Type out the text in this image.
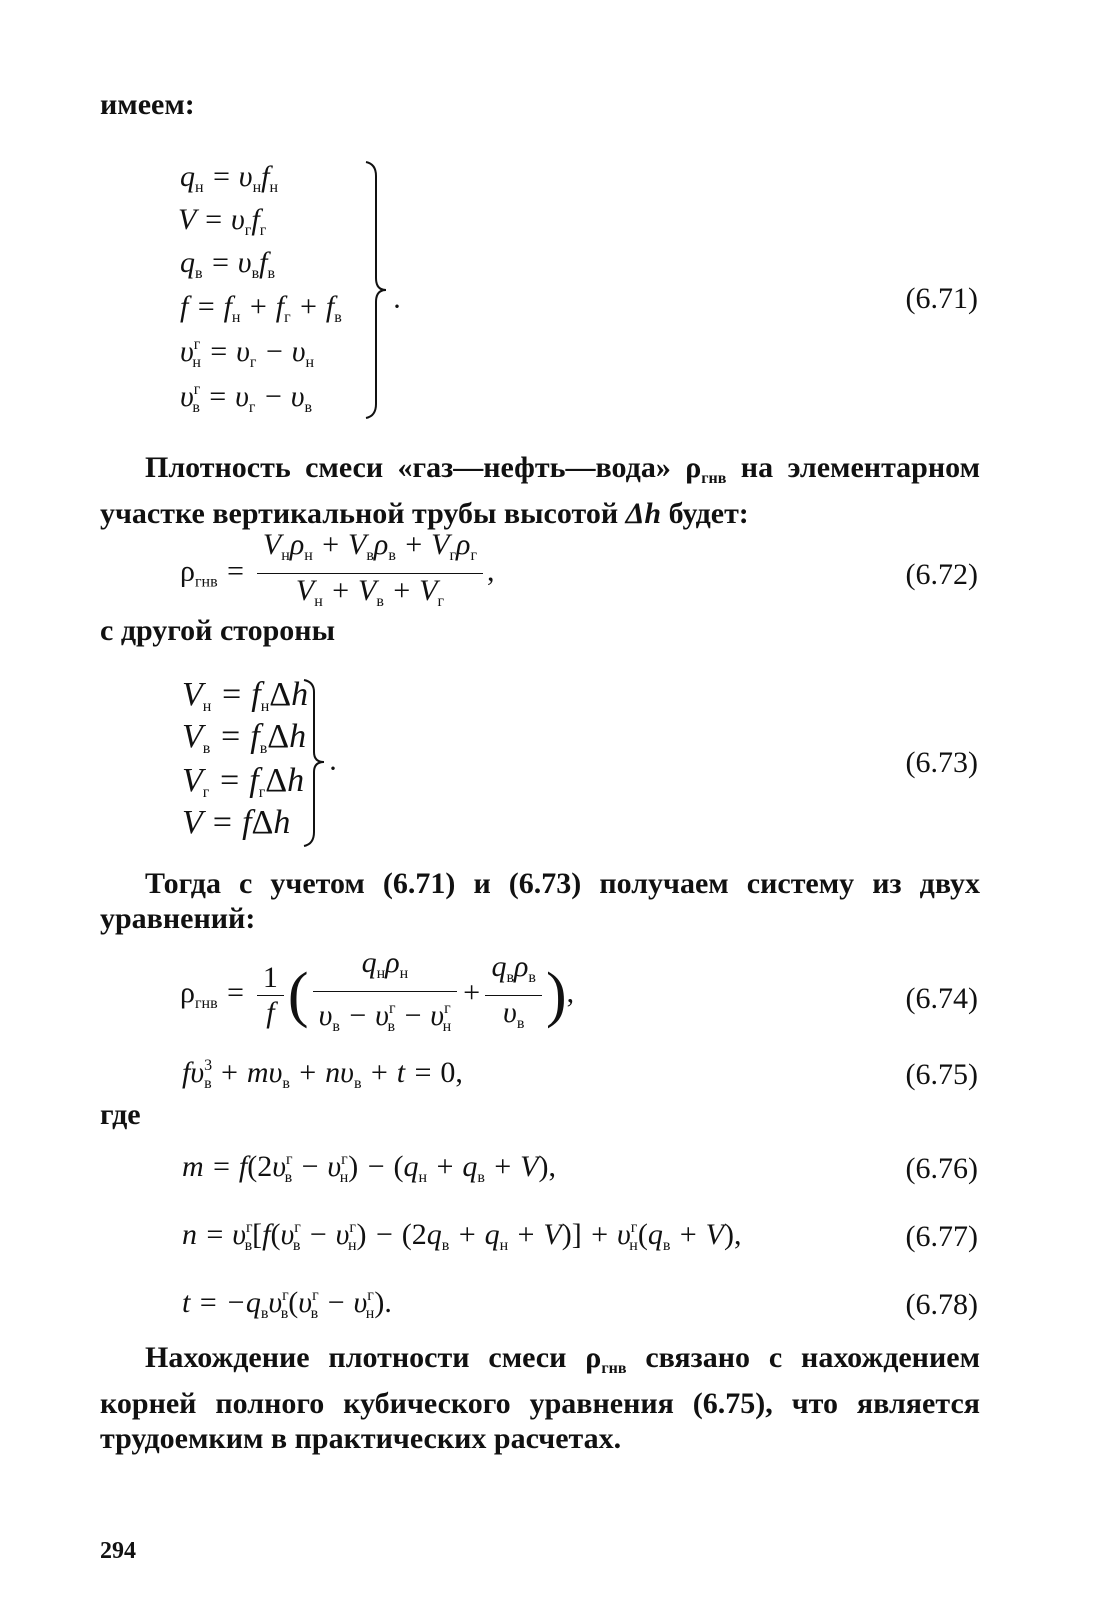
имеем:
$q_н = \upsilon_нf_н$
$V = \upsilon_гf_г$
$q_в = \upsilon_вf_в$
$f = f_н + f_г + f_в$
$\upsilon^г_н = \upsilon_г - \upsilon_н$
$\upsilon^г_в = \upsilon_г - \upsilon_в$
·	(6.71)
Плотность смеси «газ—нефть—вода» $\rho_{гнв}$ на элементарном участке вертикальной трубы высотой Δh будет:
$\rho_{гнв} = \frac{V_н\rho_н + V_в\rho_в + V_г\rho_г}{V_н + V_в + V_г}$ ,	(6.72)
с другой стороны
$V_н = f_н\Delta h$
$V_в = f_в\Delta h$
$V_г = f_г\Delta h$
V = fΔh
·	(6.73)
Тогда с учетом (6.71) и (6.73) получаем систему из двух уравнений:
$\rho_{гнв} = \frac{1}{f}$ ( $\frac{q_н\rho_н}{\upsilon_в - \upsilon^г_в - \upsilon^г_н} + \frac{q_в\rho_в}{\upsilon_в}$ ),	(6.74)
$f\upsilon^3_в + m\upsilon_в + n\upsilon_в + t = 0$,	(6.75)
где
$m = f(2\upsilon^г_в - \upsilon^г_н) - (q_н + q_в + V)$,	(6.76)
$n = \upsilon^г_в[f(\upsilon^г_в - \upsilon^г_н) - (2q_в + q_н + V)] + \upsilon^г_н(q_в + V)$,	(6.77)
$t = -q_в\upsilon^г_в(\upsilon^г_в - \upsilon^г_н)$.	(6.78)
Нахождение плотности смеси $\rho_{гнв}$ связано с нахождением корней полного кубического уравнения (6.75), что является трудоемким в практических расчетах.
294
